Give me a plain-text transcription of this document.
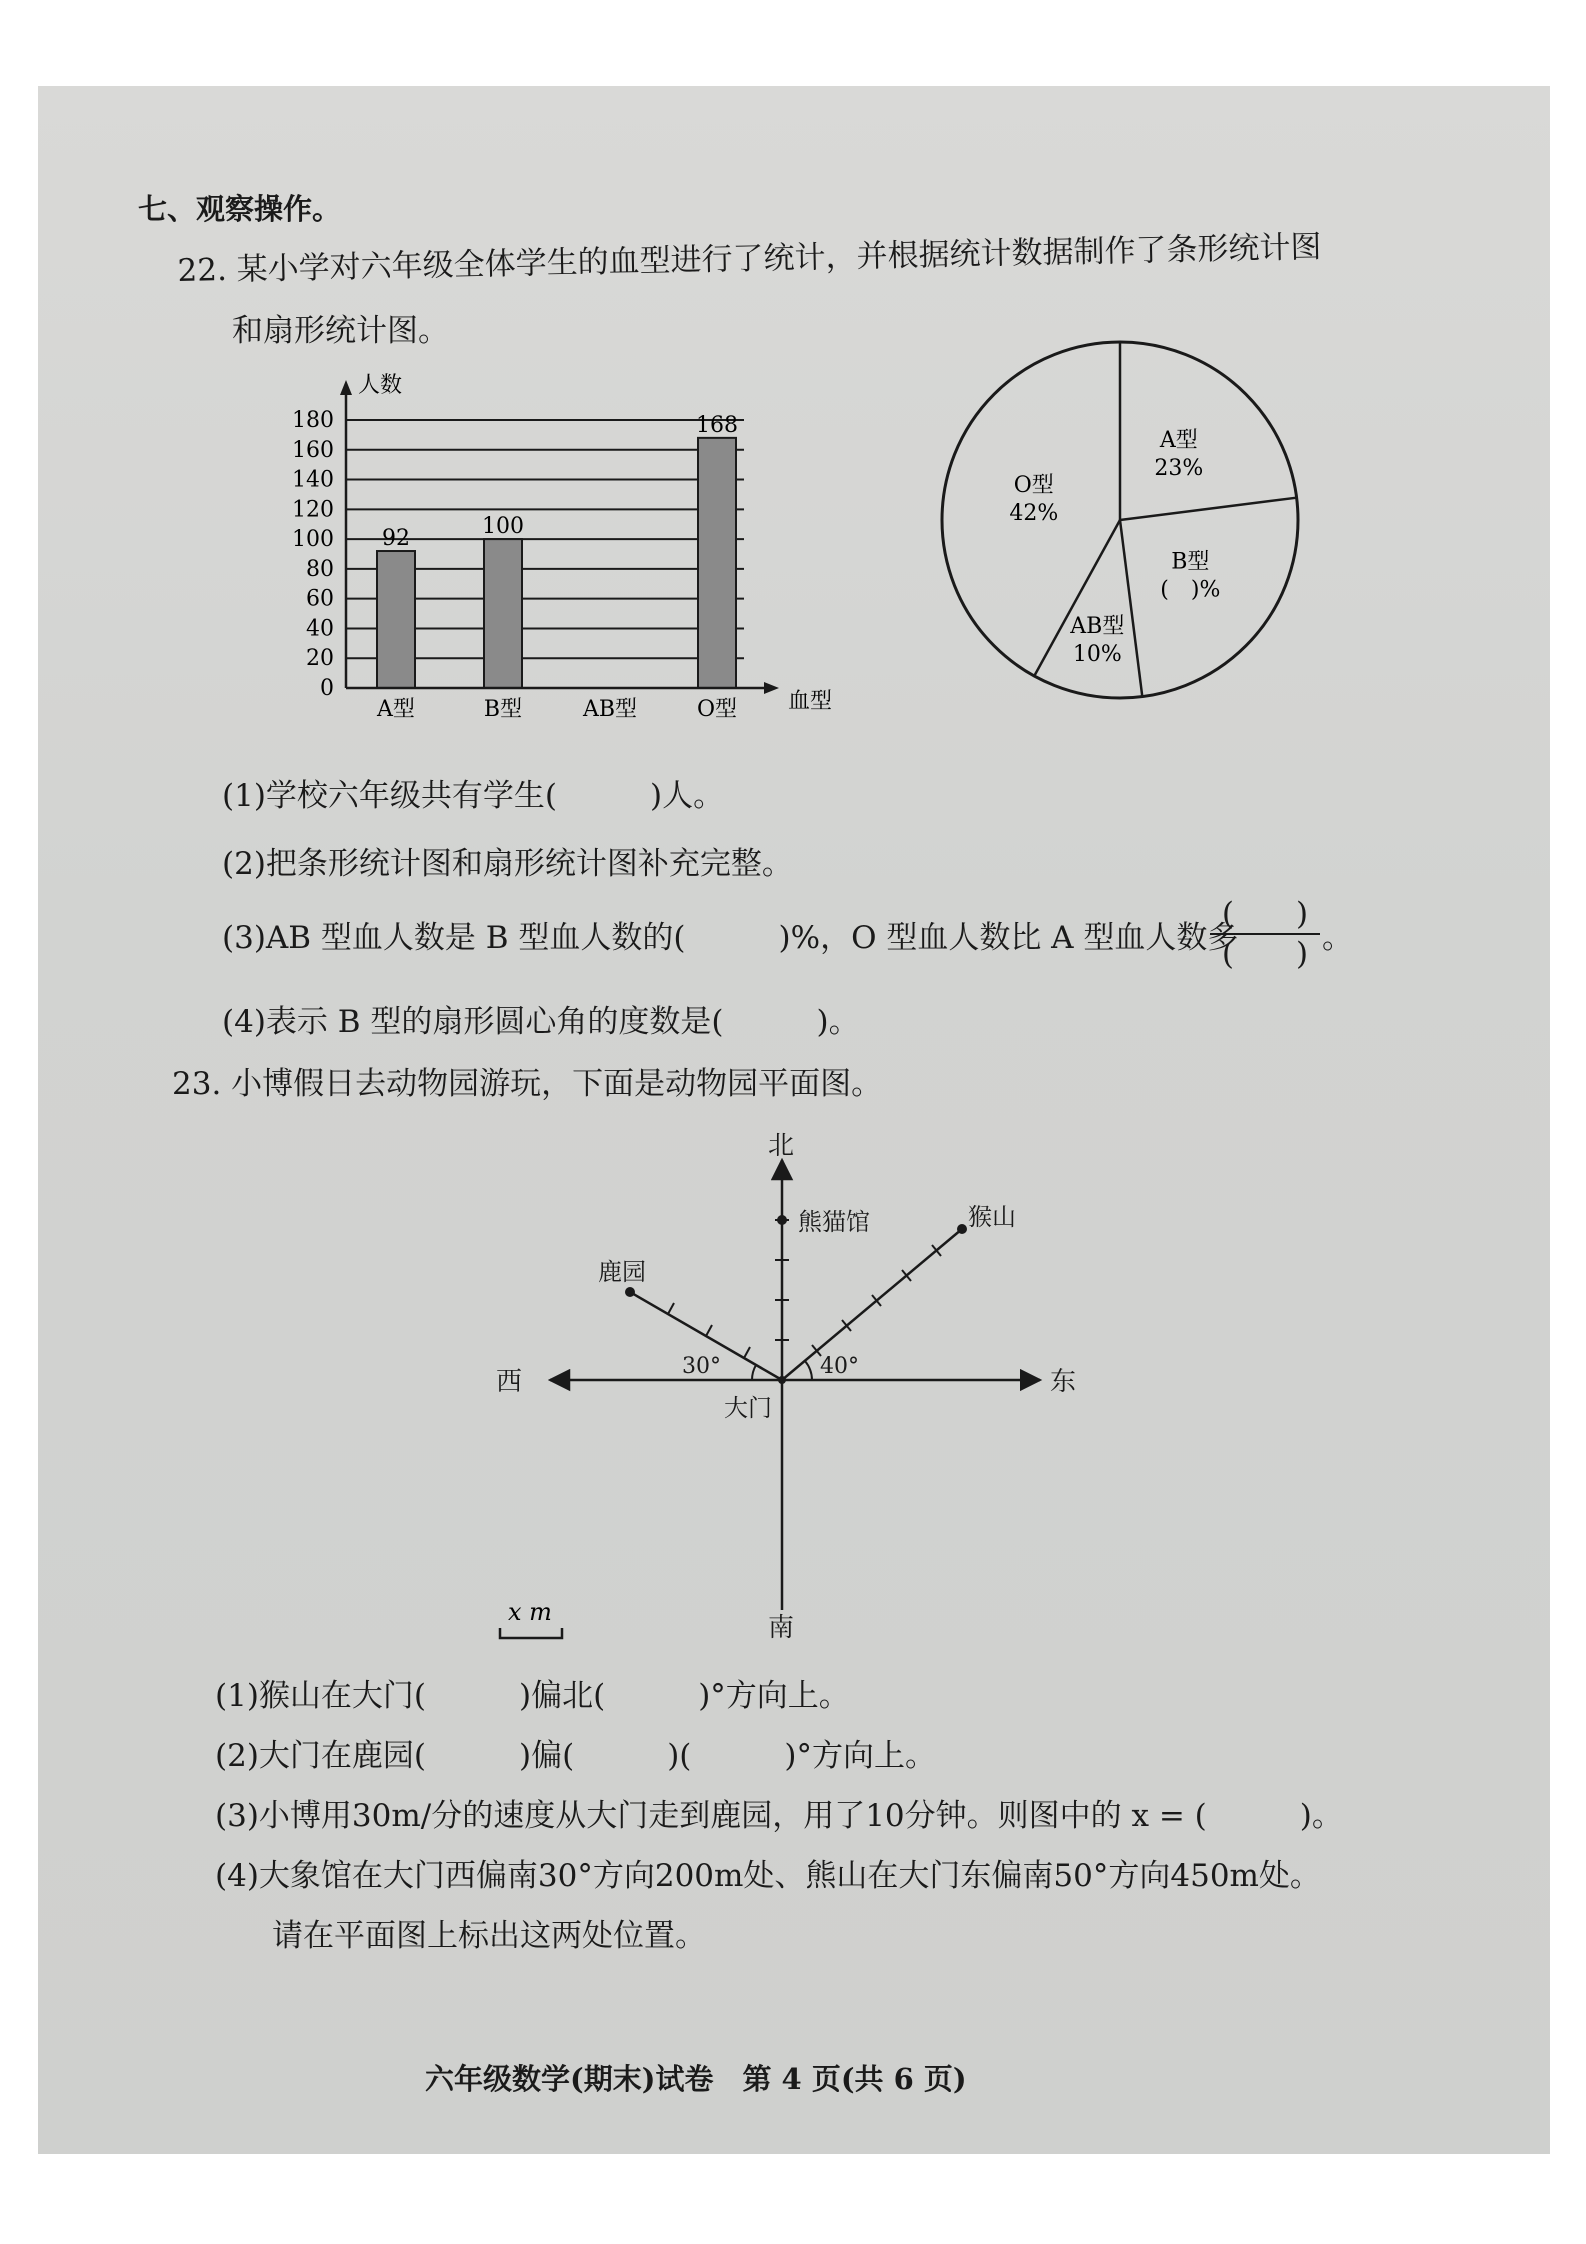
七、观察操作。
22. 某小学对六年级全体学生的血型进行了统计，并根据统计数据制作了条形统计图
和扇形统计图。
92	100
168
0
20
40
60
80
100
120
140
160
180
A型	B型	AB型	O型
人数
血型
A型
23%
B型
(　)%
AB型
10%
O型
42%
(1)学校六年级共有学生(　　　)人。
(2)把条形统计图和扇形统计图补充完整。
(3)AB 型血人数是 B 型血人数的(　　　)%，O 型血人数比 A 型血人数多
(　　)
(　　) 。
(4)表示 B 型的扇形圆心角的度数是(　　　)。
23. 小博假日去动物园游玩，下面是动物园平面图。
北
南
东
西
大门
熊猫馆	猴山
鹿园
30°	40°
x m
(1)猴山在大门(　　　)偏北(　　　)°方向上。
(2)大门在鹿园(　　　)偏(　　　)(　　　)°方向上。
(3)小博用30m/分的速度从大门走到鹿园，用了10分钟。则图中的 x = (　　　)。
(4)大象馆在大门西偏南30°方向200m处、熊山在大门东偏南50°方向450m处。
请在平面图上标出这两处位置。
六年级数学(期末)试卷　第 4 页(共 6 页)
